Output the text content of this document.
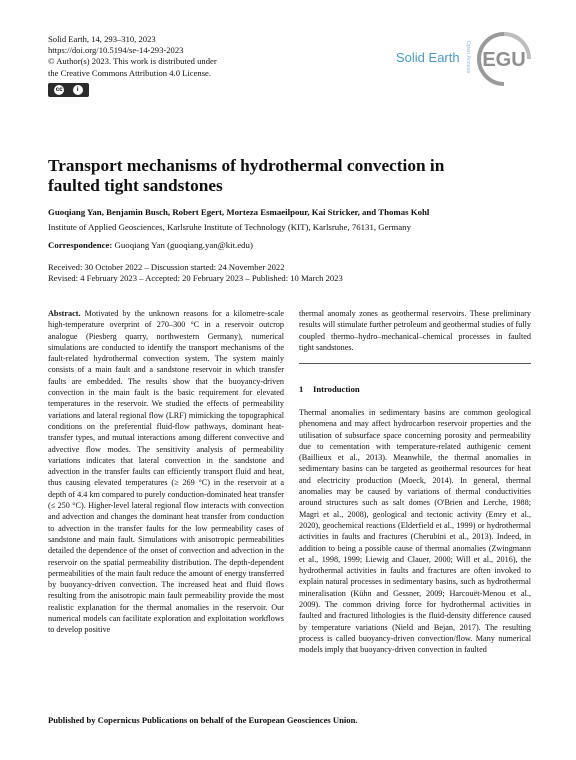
Solid Earth, 14, 293–310, 2023
https://doi.org/10.5194/se-14-293-2023
© Author(s) 2023. This work is distributed under
the Creative Commons Attribution 4.0 License.
cc	i
Solid Earth Open Access EGU
Transport mechanisms of hydrothermal convection in
faulted tight sandstones
Guoqiang Yan, Benjamin Busch, Robert Egert, Morteza Esmaeilpour, Kai Stricker, and Thomas Kohl
Institute of Applied Geosciences, Karlsruhe Institute of Technology (KIT), Karlsruhe, 76131, Germany
Correspondence: Guoqiang Yan (guoqiang.yan@kit.edu)
Received: 30 October 2022 – Discussion started: 24 November 2022
Revised: 4 February 2023 – Accepted: 20 February 2023 – Published: 10 March 2023

Abstract. Motivated by the unknown reasons for a kilometre-scale high-temperature overprint of 270–300 °C in a reservoir outcrop analogue (Piesberg quarry, northwestern Germany), numerical simulations are conducted to identify the transport mechanisms of the fault-related hydrothermal convection system. The system mainly consists of a main fault and a sandstone reservoir in which transfer faults are embedded. The results show that the buoyancy-driven convection in the main fault is the basic requirement for elevated temperatures in the reservoir. We studied the effects of permeability variations and lateral regional flow (LRF) mimicking the topographical conditions on the preferential fluid-flow pathways, dominant heat-transfer types, and mutual interactions among different convective and advective flow modes. The sensitivity analysis of permeability variations indicates that lateral convection in the sandstone and advection in the transfer faults can efficiently transport fluid and heat, thus causing elevated temperatures (≥ 269 °C) in the reservoir at a depth of 4.4 km compared to purely conduction-dominated heat transfer (≤ 250 °C). Higher-level lateral regional flow interacts with convection and advection and changes the dominant heat transfer from conduction to advection in the transfer faults for the low permeability cases of sandstone and main fault. Simulations with anisotropic permeabilities detailed the dependence of the onset of convection and advection in the reservoir on the spatial permeability distribution. The depth-dependent permeabilities of the main fault reduce the amount of energy transferred by buoyancy-driven convection. The increased heat and fluid flows resulting from the anisotropic main fault permeability provide the most realistic explanation for the thermal anomalies in the reservoir. Our numerical models can facilitate exploration and exploitation workflows to develop positive

thermal anomaly zones as geothermal reservoirs. These preliminary results will stimulate further petroleum and geothermal studies of fully coupled thermo–hydro–mechanical–chemical processes in faulted tight sandstones.

1 Introduction

Thermal anomalies in sedimentary basins are common geological phenomena and may affect hydrocarbon reservoir properties and the utilisation of subsurface space concerning porosity and permeability due to cementation with temperature-related authigenic cement (Baillieux et al., 2013). Meanwhile, the thermal anomalies in sedimentary basins can be targeted as geothermal resources for heat and electricity production (Moeck, 2014). In general, thermal anomalies may be caused by variations of thermal conductivities around structures such as salt domes (O'Brien and Lerche, 1988; Magri et al., 2008), geological and tectonic activity (Emry et al., 2020), geochemical reactions (Elderfield et al., 1999) or hydrothermal activities in faults and fractures (Cherubini et al., 2013). Indeed, in addition to being a possible cause of thermal anomalies (Zwingmann et al., 1998, 1999; Liewig and Clauer, 2000; Will et al., 2016), the hydrothermal activities in faults and fractures are often invoked to explain natural processes in sedimentary basins, such as hydrothermal mineralisation (Kühn and Gessner, 2009; Harcouët-Menou et al., 2009). The common driving force for hydrothermal activities in faulted and fractured lithologies is the fluid-density difference caused by temperature variations (Nield and Bejan, 2017). The resulting process is called buoyancy-driven convection/flow. Many numerical models imply that buoyancy-driven convection in faulted

Published by Copernicus Publications on behalf of the European Geosciences Union.
